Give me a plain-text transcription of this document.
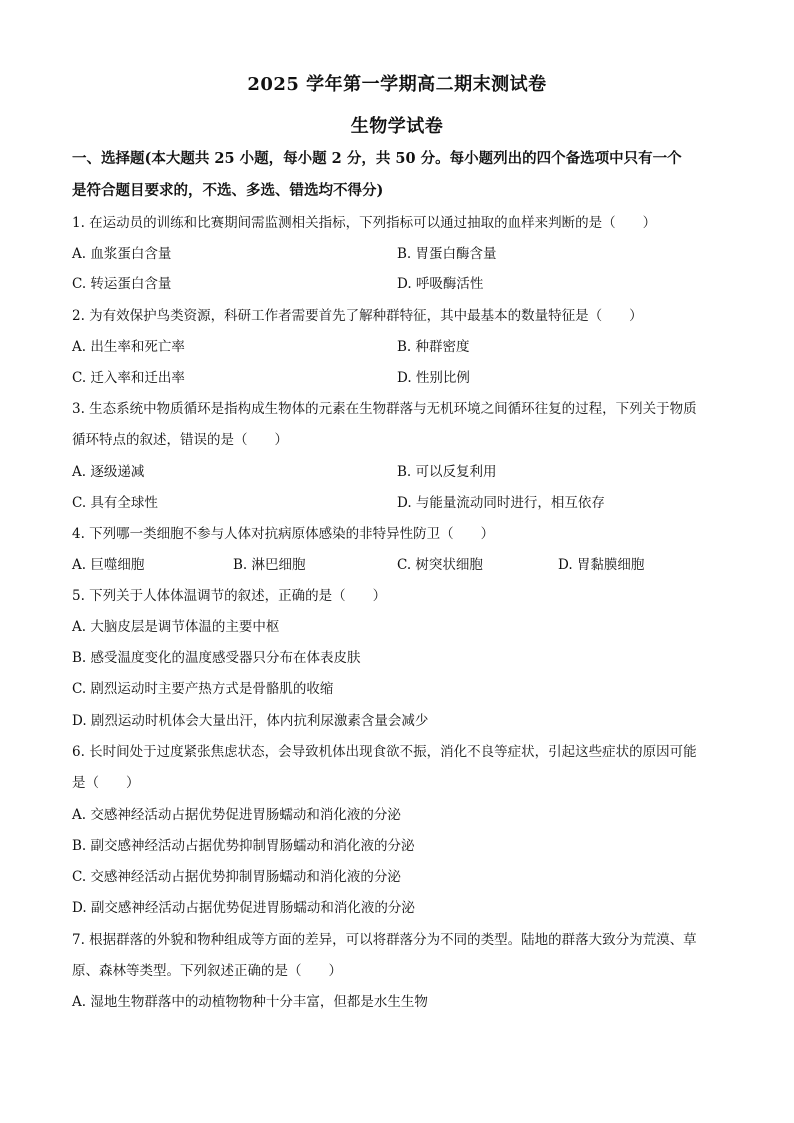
2025 学年第一学期高二期末测试卷
生物学试卷
一、选择题(本大题共 25 小题，每小题 2 分，共 50 分。每小题列出的四个备选项中只有一个
是符合题目要求的，不选、多选、错选均不得分)
1. 在运动员的训练和比赛期间需监测相关指标，下列指标可以通过抽取的血样来判断的是（　　）
A. 血浆蛋白含量	B. 胃蛋白酶含量
C. 转运蛋白含量	D. 呼吸酶活性
2. 为有效保护鸟类资源，科研工作者需要首先了解种群特征，其中最基本的数量特征是（　　）
A. 出生率和死亡率	B. 种群密度
C. 迁入率和迁出率	D. 性别比例
3. 生态系统中物质循环是指构成生物体的元素在生物群落与无机环境之间循环往复的过程，下列关于物质
循环特点的叙述，错误的是（　　）
A. 逐级递减	B. 可以反复利用
C. 具有全球性	D. 与能量流动同时进行，相互依存
4. 下列哪一类细胞不参与人体对抗病原体感染的非特异性防卫（　　）
A. 巨噬细胞	B. 淋巴细胞	C. 树突状细胞	D. 胃黏膜细胞
5. 下列关于人体体温调节的叙述，正确的是（　　）
A. 大脑皮层是调节体温的主要中枢
B. 感受温度变化的温度感受器只分布在体表皮肤
C. 剧烈运动时主要产热方式是骨骼肌的收缩
D. 剧烈运动时机体会大量出汗，体内抗利尿激素含量会减少
6. 长时间处于过度紧张焦虑状态，会导致机体出现食欲不振，消化不良等症状，引起这些症状的原因可能
是（　　）
A. 交感神经活动占据优势促进胃肠蠕动和消化液的分泌
B. 副交感神经活动占据优势抑制胃肠蠕动和消化液的分泌
C. 交感神经活动占据优势抑制胃肠蠕动和消化液的分泌
D. 副交感神经活动占据优势促进胃肠蠕动和消化液的分泌
7. 根据群落的外貌和物种组成等方面的差异，可以将群落分为不同的类型。陆地的群落大致分为荒漠、草
原、森林等类型。下列叙述正确的是（　　）
A. 湿地生物群落中的动植物物种十分丰富，但都是水生生物
